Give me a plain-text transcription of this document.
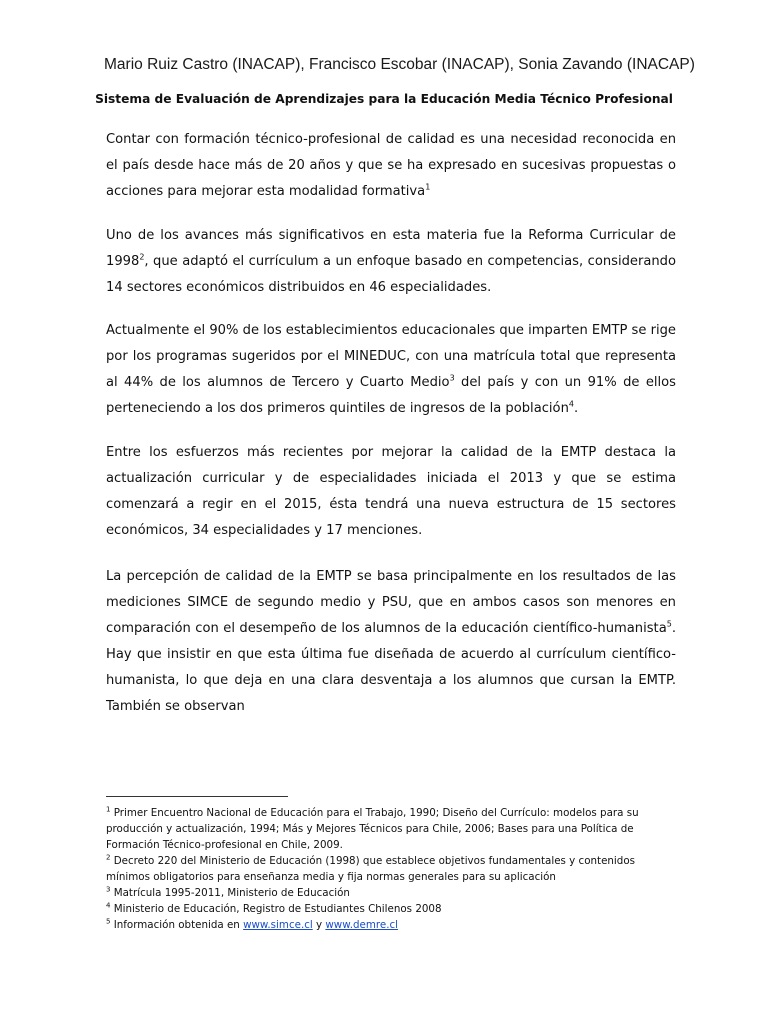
Mario Ruiz Castro (INACAP), Francisco Escobar (INACAP), Sonia Zavando (INACAP)
Sistema de Evaluación de Aprendizajes para la Educación Media Técnico Profesional

Contar con formación técnico-profesional de calidad es una necesidad reconocida en el país desde hace más de 20 años y que se ha expresado en sucesivas propuestas o acciones para mejorar esta modalidad formativa$^1$

Uno de los avances más significativos en esta materia fue la Reforma Curricular de 1998$^2$, que adaptó el currículum a un enfoque basado en competencias, considerando 14 sectores económicos distribuidos en 46 especialidades.

Actualmente el 90% de los establecimientos educacionales que imparten EMTP se rige por los programas sugeridos por el MINEDUC, con una matrícula total que representa al 44% de los alumnos de Tercero y Cuarto Medio$^3$ del país y con un 91% de ellos perteneciendo a los dos primeros quintiles de ingresos de la población$^4$.

Entre los esfuerzos más recientes por mejorar la calidad de la EMTP destaca la actualización curricular y de especialidades iniciada el 2013 y que se estima comenzará a regir en el 2015, ésta tendrá una nueva estructura de 15 sectores económicos, 34 especialidades y 17 menciones.

La percepción de calidad de la EMTP se basa principalmente en los resultados de las mediciones SIMCE de segundo medio y PSU, que en ambos casos son menores en comparación con el desempeño de los alumnos de la educación científico-humanista$^5$. Hay que insistir en que esta última fue diseñada de acuerdo al currículum científico-humanista, lo que deja en una clara desventaja a los alumnos que cursan la EMTP. También se observan

$^1$ Primer Encuentro Nacional de Educación para el Trabajo, 1990; Diseño del Currículo: modelos para su producción y actualización, 1994; Más y Mejores Técnicos para Chile, 2006; Bases para una Política de Formación Técnico-profesional en Chile, 2009.

$^2$ Decreto 220 del Ministerio de Educación (1998) que establece objetivos fundamentales y contenidos mínimos obligatorios para enseñanza media y fija normas generales para su aplicación

$^3$ Matrícula 1995-2011, Ministerio de Educación

$^4$ Ministerio de Educación, Registro de Estudiantes Chilenos 2008

$^5$ Información obtenida en www.simce.cl y www.demre.cl
